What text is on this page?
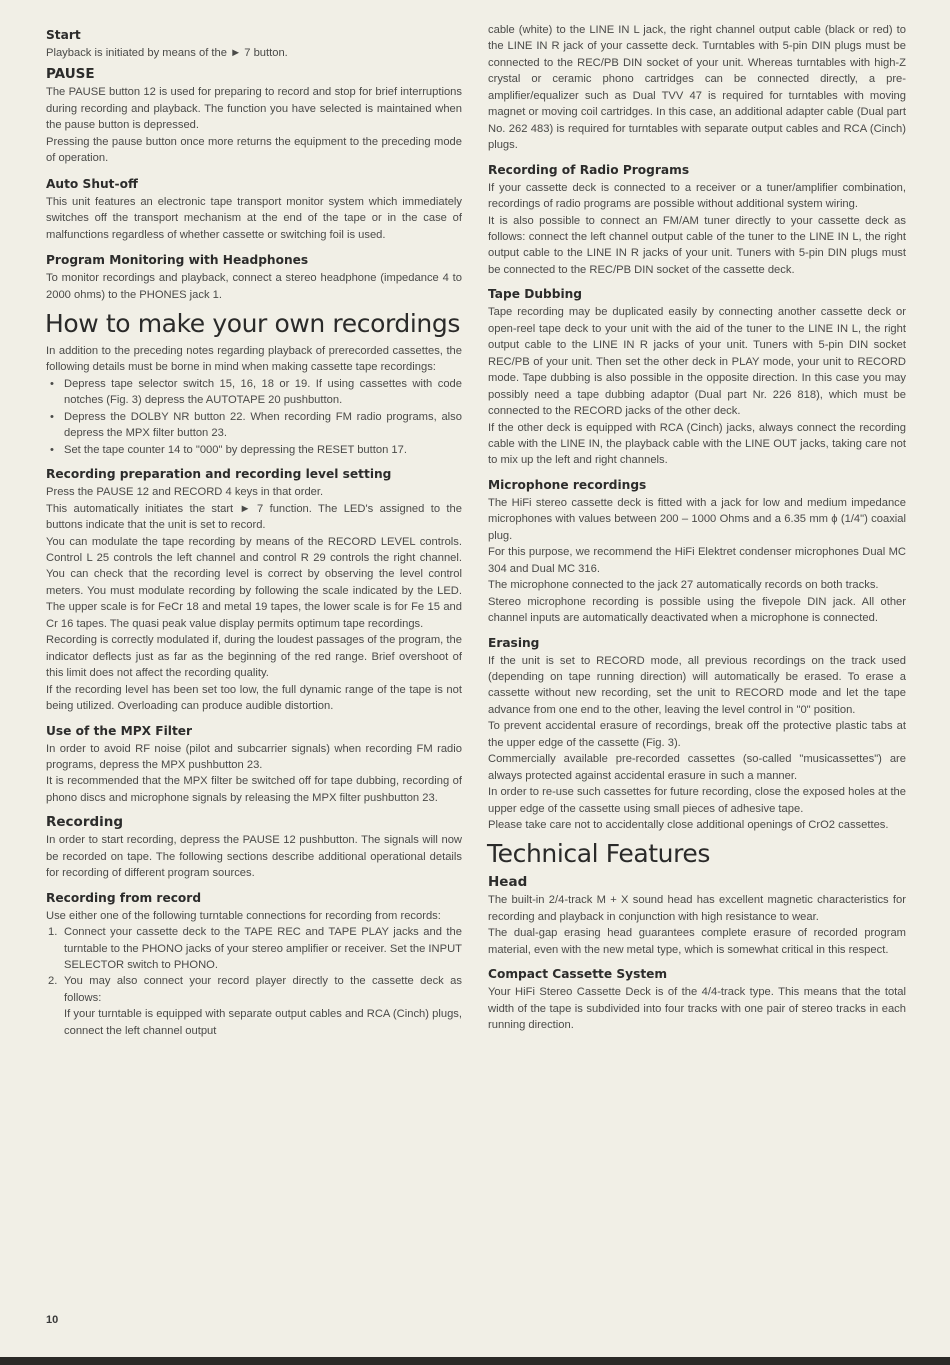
Start

Playback is initiated by means of the ► 7 button.

PAUSE

The PAUSE button 12 is used for preparing to record and stop for brief interruptions during recording and playback. The function you have selected is maintained when the pause button is depressed.

Pressing the pause button once more returns the equipment to the preceding mode of operation.

Auto Shut-off

This unit features an electronic tape transport monitor system which immediately switches off the transport mechanism at the end of the tape or in the case of malfunctions regardless of whether cassette or switching foil is used.

Program Monitoring with Headphones

To monitor recordings and playback, connect a stereo headphone (impedance 4 to 2000 ohms) to the PHONES jack 1.

How to make your own recordings

In addition to the preceding notes regarding playback of prerecorded cassettes, the following details must be borne in mind when making cassette tape recordings:

• Depress tape selector switch 15, 16, 18 or 19. If using cassettes with code notches (Fig. 3) depress the AUTOTAPE 20 pushbutton.
• Depress the DOLBY NR button 22. When recording FM radio programs, also depress the MPX filter button 23.
• Set the tape counter 14 to "000" by depressing the RESET button 17.
Recording preparation and recording level setting

Press the PAUSE 12 and RECORD 4 keys in that order.

This automatically initiates the start ► 7 function. The LED's assigned to the buttons indicate that the unit is set to record.

You can modulate the tape recording by means of the RECORD LEVEL controls. Control L 25 controls the left channel and control R 29 controls the right channel. You can check that the recording level is correct by observing the level control meters. You must modulate recording by following the scale indicated by the LED. The upper scale is for FeCr 18 and metal 19 tapes, the lower scale is for Fe 15 and Cr 16 tapes. The quasi peak value display permits optimum tape recordings.

Recording is correctly modulated if, during the loudest passages of the program, the indicator deflects just as far as the beginning of the red range. Brief overshoot of this limit does not affect the recording quality.

If the recording level has been set too low, the full dynamic range of the tape is not being utilized. Overloading can produce audible distortion.

Use of the MPX Filter

In order to avoid RF noise (pilot and subcarrier signals) when recording FM radio programs, depress the MPX pushbutton 23.

It is recommended that the MPX filter be switched off for tape dubbing, recording of phono discs and microphone signals by releasing the MPX filter pushbutton 23.

Recording

In order to start recording, depress the PAUSE 12 pushbutton. The signals will now be recorded on tape. The following sections describe additional operational details for recording of different program sources.

Recording from record

Use either one of the following turntable connections for recording from records:

1. Connect your cassette deck to the TAPE REC and TAPE PLAY jacks and the turntable to the PHONO jacks of your stereo amplifier or receiver. Set the INPUT SELECTOR switch to PHONO.
2. You may also connect your record player directly to the cassette deck as follows:

If your turntable is equipped with separate output cables and RCA (Cinch) plugs, connect the left channel output

cable (white) to the LINE IN L jack, the right channel output cable (black or red) to the LINE IN R jack of your cassette deck. Turntables with 5-pin DIN plugs must be connected to the REC/PB DIN socket of your unit. Whereas turntables with high-Z crystal or ceramic phono cartridges can be connected directly, a pre-amplifier/equalizer such as Dual TVV 47 is required for turntables with moving magnet or moving coil cartridges. In this case, an additional adapter cable (Dual part No. 262 483) is required for turntables with separate output cables and RCA (Cinch) plugs.

Recording of Radio Programs

If your cassette deck is connected to a receiver or a tuner/amplifier combination, recordings of radio programs are possible without additional system wiring.

It is also possible to connect an FM/AM tuner directly to your cassette deck as follows: connect the left channel output cable of the tuner to the LINE IN L, the right output cable to the LINE IN R jacks of your unit. Tuners with 5-pin DIN plugs must be connected to the REC/PB DIN socket of the cassette deck.

Tape Dubbing

Tape recording may be duplicated easily by connecting another cassette deck or open-reel tape deck to your unit with the aid of the tuner to the LINE IN L, the right output cable to the LINE IN R jacks of your unit. Tuners with 5-pin DIN socket REC/PB of your unit. Then set the other deck in PLAY mode, your unit to RECORD mode. Tape dubbing is also possible in the opposite direction. In this case you may possibly need a tape dubbing adaptor (Dual part Nr. 226 818), which must be connected to the RECORD jacks of the other deck.

If the other deck is equipped with RCA (Cinch) jacks, always connect the recording cable with the LINE IN, the playback cable with the LINE OUT jacks, taking care not to mix up the left and right channels.

Microphone recordings

The HiFi stereo cassette deck is fitted with a jack for low and medium impedance microphones with values between 200 – 1000 Ohms and a 6.35 mm ϕ (1/4") coaxial plug.

For this purpose, we recommend the HiFi Elektret condenser microphones Dual MC 304 and Dual MC 316.

The microphone connected to the jack 27 automatically records on both tracks.

Stereo microphone recording is possible using the fivepole DIN jack. All other channel inputs are automatically deactivated when a microphone is connected.

Erasing

If the unit is set to RECORD mode, all previous recordings on the track used (depending on tape running direction) will automatically be erased. To erase a cassette without new recording, set the unit to RECORD mode and let the tape advance from one end to the other, leaving the level control in "0" position.

To prevent accidental erasure of recordings, break off the protective plastic tabs at the upper edge of the cassette (Fig. 3).

Commercially available pre-recorded cassettes (so-called "musicassettes") are always protected against accidental erasure in such a manner.

In order to re-use such cassettes for future recording, close the exposed holes at the upper edge of the cassette using small pieces of adhesive tape.

Please take care not to accidentally close additional openings of CrO2 cassettes.

Technical Features
Head

The built-in 2/4-track M + X sound head has excellent magnetic characteristics for recording and playback in conjunction with high resistance to wear.

The dual-gap erasing head guarantees complete erasure of recorded program material, even with the new metal type, which is somewhat critical in this respect.

Compact Cassette System

Your HiFi Stereo Cassette Deck is of the 4/4-track type. This means that the total width of the tape is subdivided into four tracks with one pair of stereo tracks in each running direction.

10
